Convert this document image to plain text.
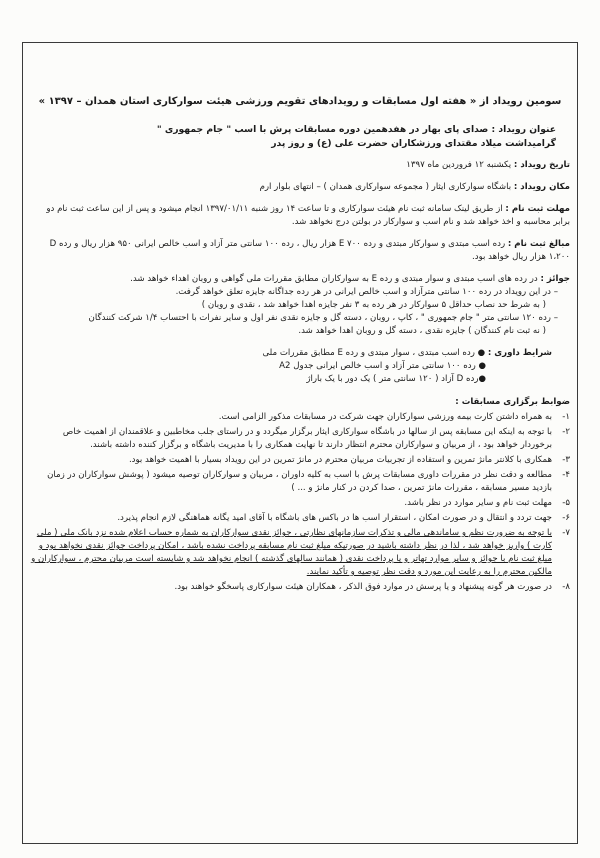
سومین رویداد از « هفته اول مسابقات و رویدادهای تقویم ورزشی هیئت سوارکاری استان همدان – ۱۳۹۷ »
عنوان رویداد : صدای پای بهار در هفدهمین دوره مسابقات پرش با اسب " جام جمهوری "
گرامیداشت میلاد مقتدای ورزشکاران حضرت علی (ع) و روز پدر
تاریخ رویداد : یکشنبه ۱۲ فروردین ماه ۱۳۹۷
مکان رویداد : باشگاه سوارکاری ایثار ( مجموعه سوارکاری همدان ) – انتهای بلوار ارم
مهلت ثبت نام : از طریق لینک سامانه ثبت نام هیئت سوارکاری و تا ساعت ۱۴ روز شنبه ۱۳۹۷/۰۱/۱۱ انجام میشود و پس از این ساعت ثبت نام دو برابر محاسبه و اخذ خواهد شد و نام اسب و سوارکار در بولتن درج نخواهد شد.
مبالغ ثبت نام : رده اسب مبتدی و سوارکار مبتدی و رده E ۷۰۰ هزار ریال ، رده ۱۰۰ سانتی متر آزاد و اسب خالص ایرانی ۹۵۰ هزار ریال و رده D ۱،۲۰۰ هزار ریال خواهد بود.
جوائز : در رده های اسب مبتدی و سوار مبتدی و رده E به سوارکاران مطابق مقررات ملی گواهی و روبان اهداء خواهد شد.
– در این رویداد در رده ۱۰۰ سانتی مترآزاد و اسب خالص ایرانی در هر رده جداگانه جایزه تعلق خواهد گرفت.
( به شرط حد نصاب حداقل ۵ سوارکار در هر رده به ۳ نفر جایزه اهدا خواهد شد ، نقدی و روبان )
– رده ۱۲۰ سانتی متر " جام جمهوری " ، کاپ ، روبان ، دسته گل و جایزه نقدی نفر اول و سایر نفرات با احتساب ۱/۴ شرکت کنندگان
( نه ثبت نام کنندگان ) جایزه نقدی ، دسته گل و روبان اهدا خواهد شد.
شرایط داوری : ● رده اسب مبتدی ، سوار مبتدی و رده E مطابق مقررات ملی
● رده ۱۰۰ سانتی متر آزاد و اسب خالص ایرانی جدول A2
●رده D آزاد ( ۱۲۰ سانتی متر ) یک دور با یک باراژ
ضوابط برگزاری مسابقات :
۱-
به همراه داشتن کارت بیمه ورزشی سوارکاران جهت شرکت در مسابقات مذکور الزامی است.
۲-
با توجه به اینکه این مسابقه پس از سالها در باشگاه سوارکاری ایثار برگزار میگردد و در راستای جلب مخاطبین و علاقمندان از اهمیت خاص برخوردار خواهد بود ، از مربیان و سوارکاران محترم انتظار دارند تا نهایت همکاری را با مدیریت باشگاه و برگزار کننده داشته باشند.
۳-
همکاری با کلانتر مانژ تمرین و استفاده از تجربیات مربیان محترم در مانژ تمرین در این رویداد بسیار با اهمیت خواهد بود.
۴-
مطالعه و دقت نظر در مقررات داوری مسابقات پرش با اسب به کلیه داوران ، مربیان و سوارکاران توصیه میشود ( پوشش سوارکاران در زمان بازدید مسیر مسابقه ، مقررات مانژ تمرین ، صدا کردن در کنار مانژ و ... )
۵-
مهلت ثبت نام و سایر موارد در نظر باشد.
۶-
جهت تردد و انتقال و در صورت امکان ، استقرار اسب ها در باکس های باشگاه با آقای امید یگانه هماهنگی لازم انجام پذیرد.
۷-
با توجه به ضرورت نظم و ساماندهی مالی و تذکرات سازمانهای نظارتی ، جوائز نقدی سوارکاران به شماره حساب اعلام شده نزد بانک ملی ( ملی کارت ) واریز خواهد شد ، لذا در نظر داشته باشید در صورتیکه مبلغ ثبت نام مسابقه پرداخت نشده باشد ، امکان پرداخت جوائز نقدی نخواهد بود و مبلغ ثبت نام با جوائز و سایر موارد تهاتر و یا پرداخت نقدی ( همانند سالهای گذشته ) انجام نخواهد شد و شایسته است مربیان محترم ، سوارکاران و مالکین محترم را به رعایت این مورد و دقت نظر توصیه و تأکید نمایند.
۸-
در صورت هر گونه پیشنهاد و یا پرسش در موارد فوق الذکر ، همکاران هیئت سوارکاری پاسخگو خواهند بود.
